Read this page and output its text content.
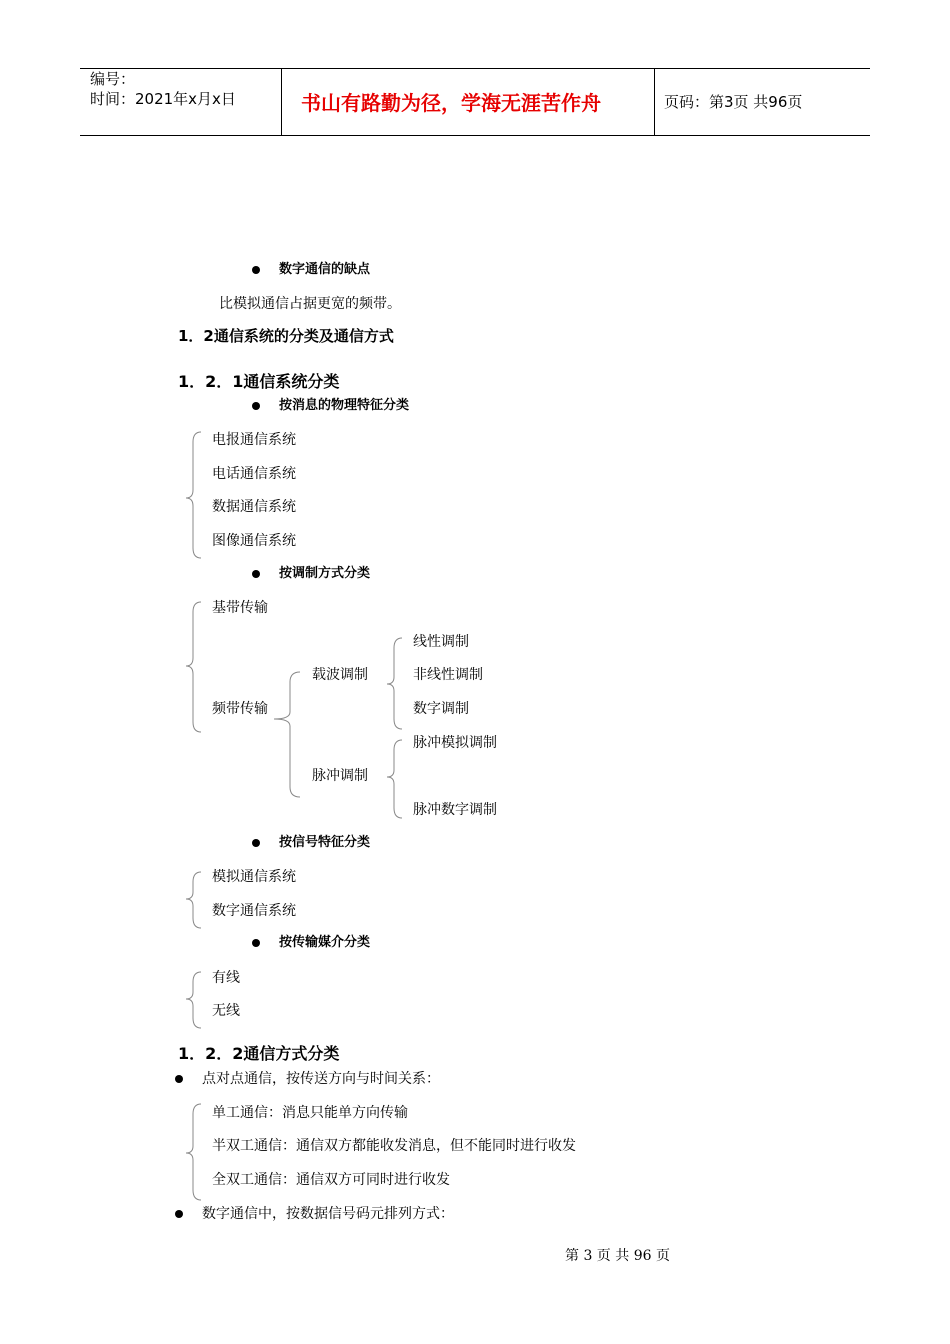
编号：
时间：2021年x月x日	书山有路勤为径，学海无涯苦作舟	页码：第3页 共96页
数字通信的缺点
比模拟通信占据更宽的频带。
1．2通信系统的分类及通信方式
1．2．1通信系统分类
按消息的物理特征分类
电报通信系统
电话通信系统
数据通信系统
图像通信系统
按调制方式分类
基带传输
频带传输
载波调制
脉冲调制
线性调制
非线性调制
数字调制
脉冲模拟调制
脉冲数字调制
按信号特征分类
模拟通信系统
数字通信系统
按传输媒介分类
有线
无线
1．2．2通信方式分类
点对点通信，按传送方向与时间关系：
单工通信：消息只能单方向传输
半双工通信：通信双方都能收发消息，但不能同时进行收发
全双工通信：通信双方可同时进行收发
数字通信中，按数据信号码元排列方式：
第 3 页 共 96 页
